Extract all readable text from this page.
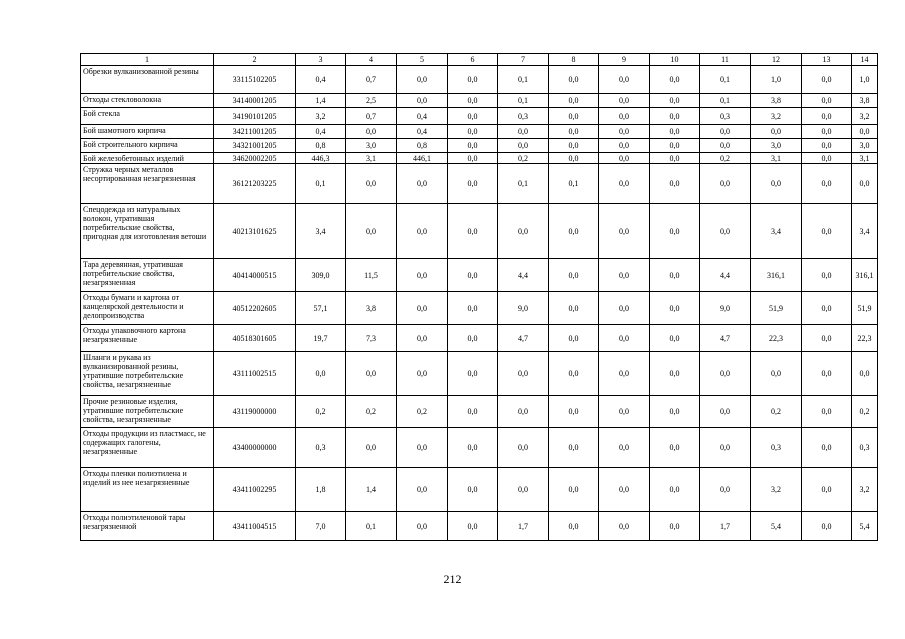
1	2	3	4	5	6	7	8	9	10	11	12	13	14
Обрезки вулканизованной резины	33115102205	0,4	0,7	0,0	0,0	0,1	0,0	0,0	0,0	0,1	1,0	0,0	1,0
Отходы стекловолокна	34140001205	1,4	2,5	0,0	0,0	0,1	0,0	0,0	0,0	0,1	3,8	0,0	3,8
Бой стекла	34190101205	3,2	0,7	0,4	0,0	0,3	0,0	0,0	0,0	0,3	3,2	0,0	3,2
Бой шамотного кирпича	34211001205	0,4	0,0	0,4	0,0	0,0	0,0	0,0	0,0	0,0	0,0	0,0	0,0
Бой строительного кирпича	34321001205	0,8	3,0	0,8	0,0	0,0	0,0	0,0	0,0	0,0	3,0	0,0	3,0
Бой железобетонных изделий	34620002205	446,3	3,1	446,1	0,0	0,2	0,0	0,0	0,0	0,2	3,1	0,0	3,1
Стружка черных металлов несортированная незагрязненная	36121203225	0,1	0,0	0,0	0,0	0,1	0,1	0,0	0,0	0,0	0,0	0,0	0,0
Спецодежда из натуральных волокон, утратившая потребительские свойства, пригодная для изготовления ветоши	40213101625	3,4	0,0	0,0	0,0	0,0	0,0	0,0	0,0	0,0	3,4	0,0	3,4
Тара деревянная, утратившая потребительские свойства, незагрязненная	40414000515	309,0	11,5	0,0	0,0	4,4	0,0	0,0	0,0	4,4	316,1	0,0	316,1
Отходы бумаги и картона от канцелярской деятельности и делопроизводства	40512202605	57,1	3,8	0,0	0,0	9,0	0,0	0,0	0,0	9,0	51,9	0,0	51,9
Отходы упаковочного картона незагрязненные	40518301605	19,7	7,3	0,0	0,0	4,7	0,0	0,0	0,0	4,7	22,3	0,0	22,3
Шланги и рукава из вулканизированной резины, утратившие потребительские свойства, незагрязненные	43111002515	0,0	0,0	0,0	0,0	0,0	0,0	0,0	0,0	0,0	0,0	0,0	0,0
Прочие резиновые изделия, утратившие потребительские свойства, незагрязненные	43119000000	0,2	0,2	0,2	0,0	0,0	0,0	0,0	0,0	0,0	0,2	0,0	0,2
Отходы продукции из пластмасс, не содержащих галогены, незагрязненные	43400000000	0,3	0,0	0,0	0,0	0,0	0,0	0,0	0,0	0,0	0,3	0,0	0,3
Отходы пленки полиэтилена и изделий из нее незагрязненные	43411002295	1,8	1,4	0,0	0,0	0,0	0,0	0,0	0,0	0,0	3,2	0,0	3,2
Отходы полиэтиленовой тары незагрязненной	43411004515	7,0	0,1	0,0	0,0	1,7	0,0	0,0	0,0	1,7	5,4	0,0	5,4
212
